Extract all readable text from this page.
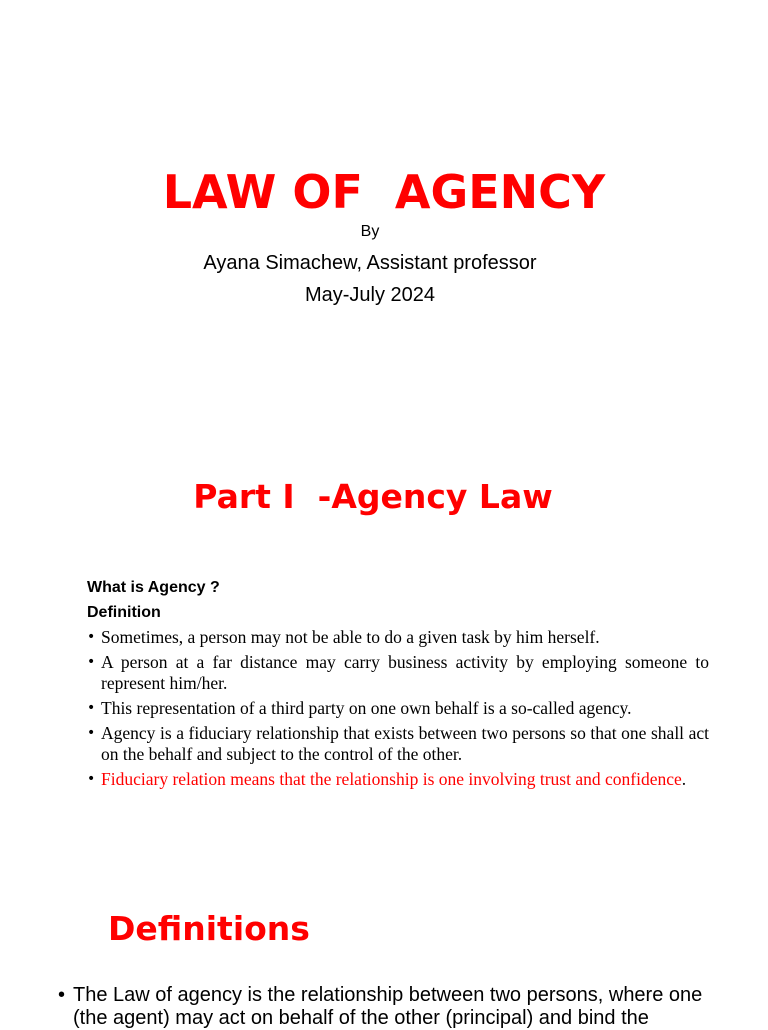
LAW OF  AGENCY
By
Ayana Simachew, Assistant professor
May-July 2024
Part I  -Agency Law
What is Agency ?
Definition
• Sometimes, a person may not be able to do a given task by him herself.
• A person at a far distance may carry business activity by employing someone to represent him/her.
• This representation of a third party on one own behalf is a so-called agency.
• Agency is a fiduciary relationship that exists between two persons so that one shall act on the behalf and subject to the control of the other.
• Fiduciary relation means that the relationship is one involving trust and confidence.
Definitions
• The Law of agency is the relationship between two persons, where one (the agent) may act on behalf of the other (principal) and bind the
